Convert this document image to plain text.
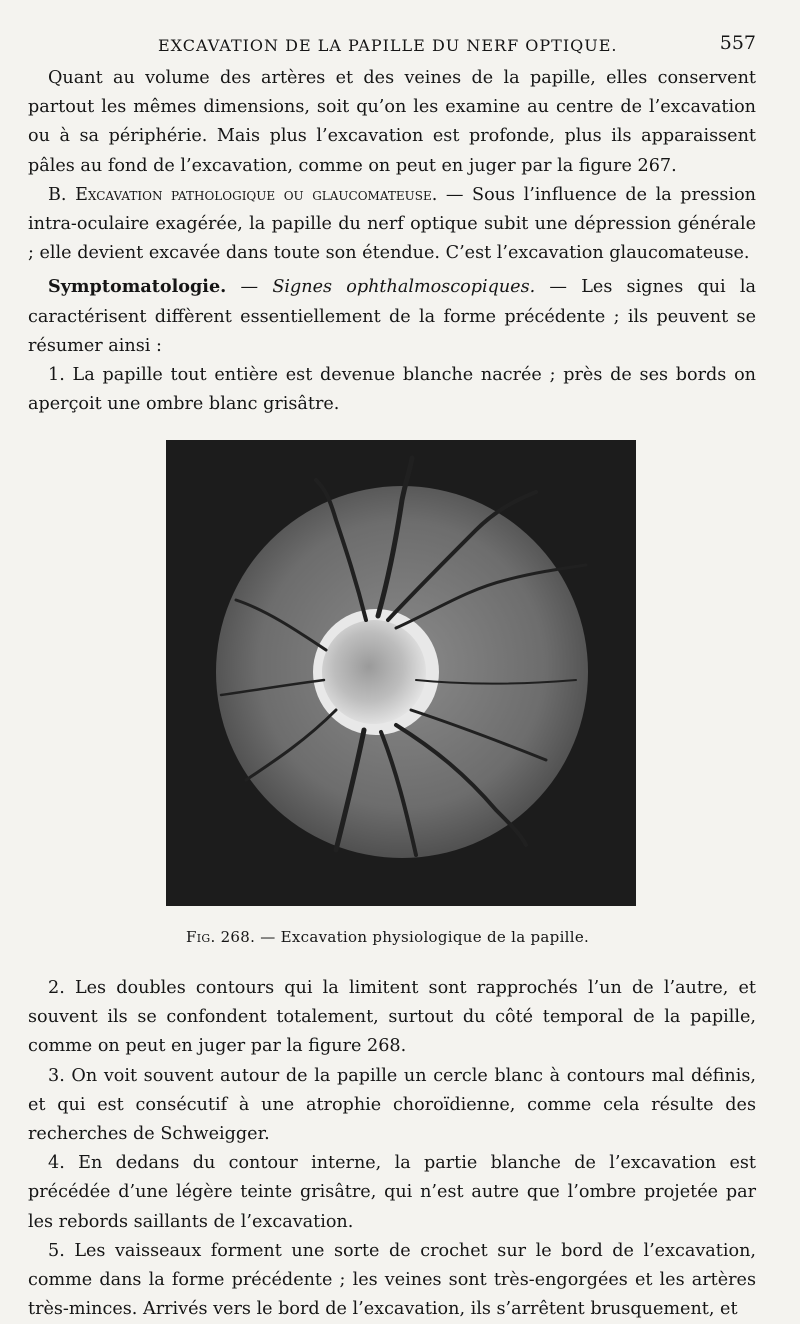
EXCAVATION DE LA PAPILLE DU NERF OPTIQUE.	557

Quant au volume des artères et des veines de la papille, elles conservent partout les mêmes dimensions, soit qu’on les examine au centre de l’excavation ou à sa périphérie. Mais plus l’excavation est profonde, plus ils apparaissent pâles au fond de l’excavation, comme on peut en juger par la figure 267.

B. Excavation pathologique ou glaucomateuse. — Sous l’influence de la pression intra-oculaire exagérée, la papille du nerf optique subit une dépression générale ; elle devient excavée dans toute son étendue. C’est l’excavation glaucomateuse.

Symptomatologie. — Signes ophthalmoscopiques. — Les signes qui la caractérisent diffèrent essentiellement de la forme précédente ; ils peuvent se résumer ainsi :

1. La papille tout entière est devenue blanche nacrée ; près de ses bords on aperçoit une ombre blanc grisâtre.

Fig. 268. — Excavation physiologique de la papille.

2. Les doubles contours qui la limitent sont rapprochés l’un de l’autre, et souvent ils se confondent totalement, surtout du côté temporal de la papille, comme on peut en juger par la figure 268.

3. On voit souvent autour de la papille un cercle blanc à contours mal définis, et qui est consécutif à une atrophie choroïdienne, comme cela résulte des recherches de Schweigger.

4. En dedans du contour interne, la partie blanche de l’excavation est précédée d’une légère teinte grisâtre, qui n’est autre que l’ombre projetée par les rebords saillants de l’excavation.

5. Les vaisseaux forment une sorte de crochet sur le bord de l’excavation, comme dans la forme précédente ; les veines sont très-engorgées et les artères très-minces. Arrivés vers le bord de l’excavation, ils s’arrêtent brusquement, et
